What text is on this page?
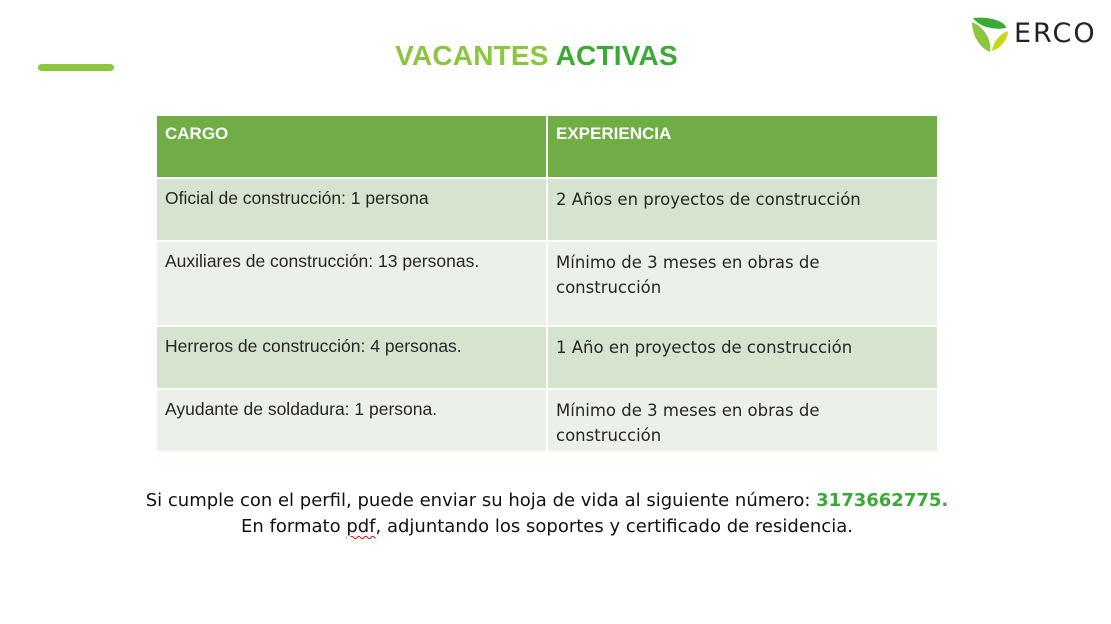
VACANTES ACTIVAS
ERCO
CARGO	EXPERIENCIA
Oficial de construcción: 1 persona	2 Años en proyectos de construcción
Auxiliares de construcción: 13 personas.	Mínimo de 3 meses en obras de construcción
Herreros de construcción: 4 personas.	1 Año en proyectos de construcción
Ayudante de soldadura: 1 persona.	Mínimo de 3 meses en obras de construcción
Si cumple con el perfil, puede enviar su hoja de vida al siguiente número: 3173662775.
En formato pdf, adjuntando los soportes y certificado de residencia.
